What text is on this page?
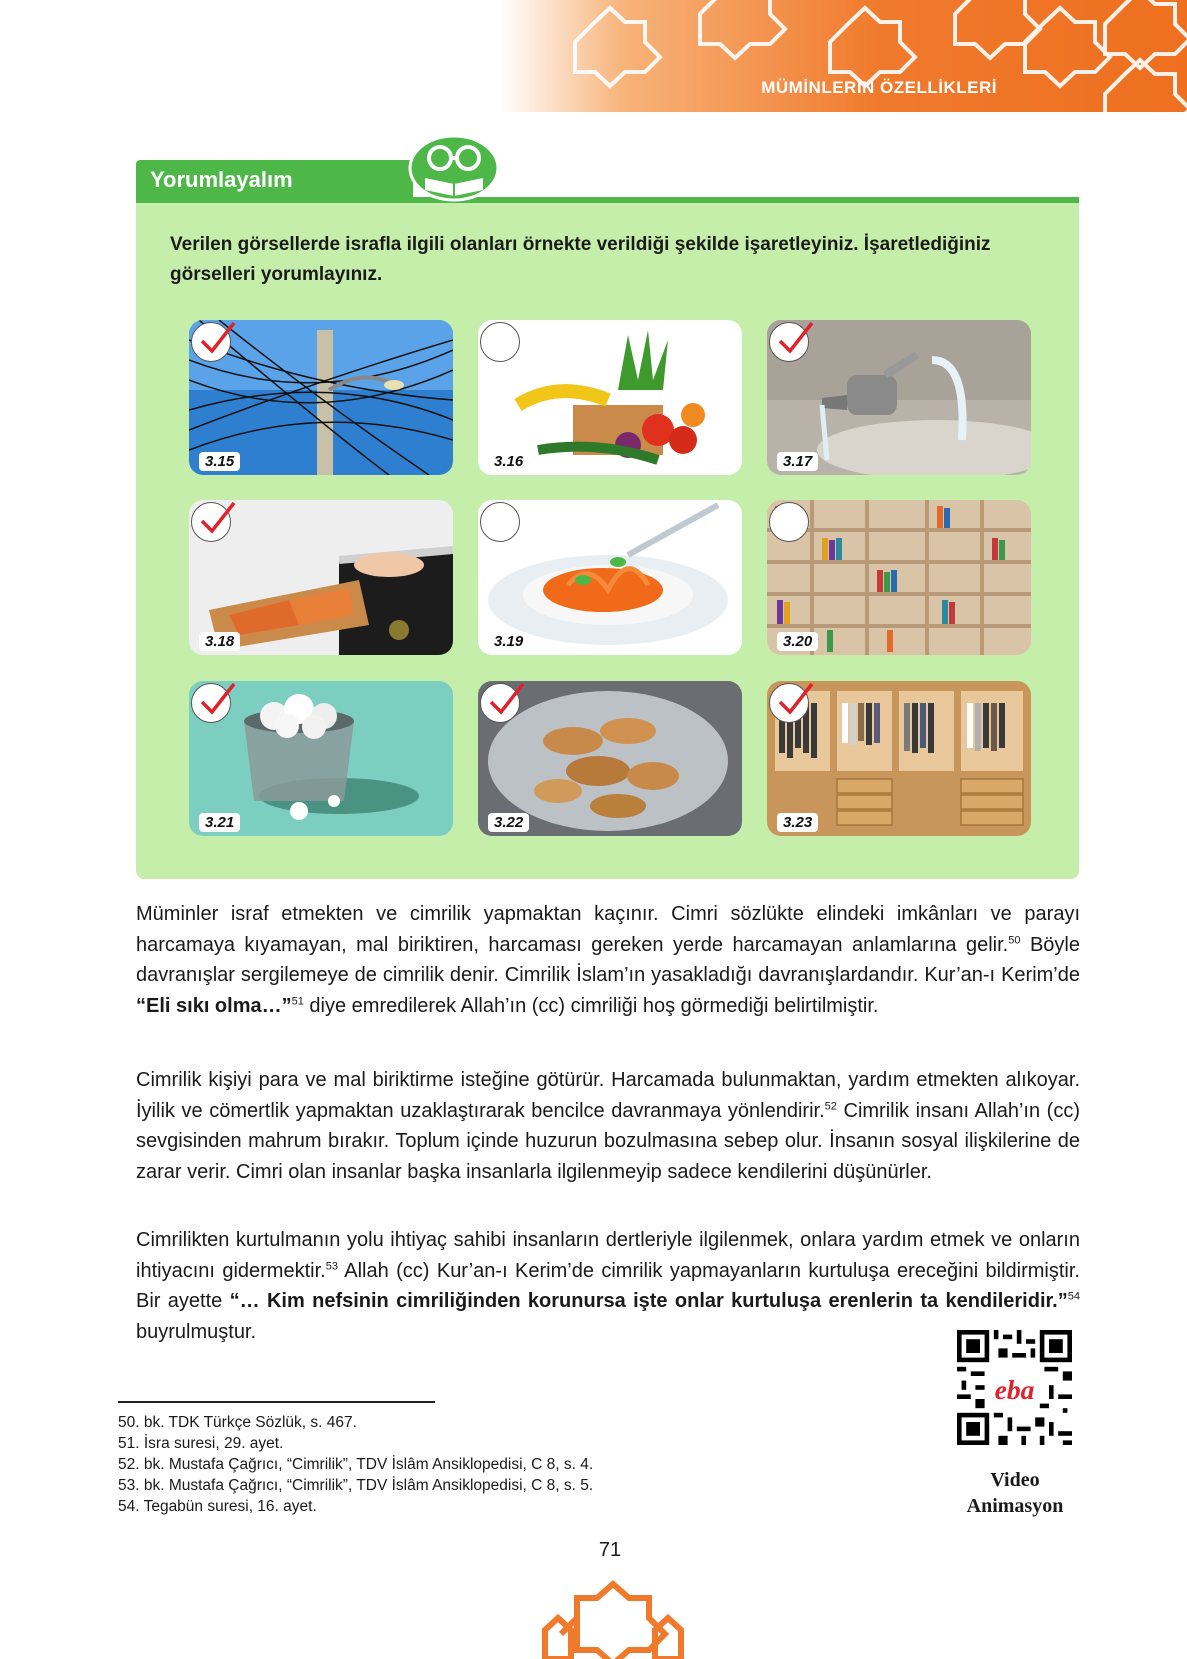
MÜMİNLERİN ÖZELLİKLERİ
Yorumlayalım
Verilen görsellerde israfla ilgili olanları örnekte verildiği şekilde işaretleyiniz. İşaretlediğiniz görselleri yorumlayınız.
3.15	3.16	3.17
3.18	3.19	3.20
3.21	3.22	3.23
Müminler israf etmekten ve cimrilik yapmaktan kaçınır. Cimri sözlükte elindeki imkânları ve parayı harcamaya kıyamayan, mal biriktiren, harcaması gereken yerde harcamayan anlamlarına gelir.$^{50}$ Böyle davranışlar sergilemeye de cimrilik denir. Cimrilik İslam’ın yasakladığı davranışlardandır. Kur’an-ı Kerim’de “Eli sıkı olma…”$^{51}$ diye emredilerek Allah’ın (cc) cimriliği hoş görmediği belirtilmiştir.
Cimrilik kişiyi para ve mal biriktirme isteğine götürür. Harcamada bulunmaktan, yardım etmekten alıkoyar. İyilik ve cömertlik yapmaktan uzaklaştırarak bencilce davranmaya yönlendirir.$^{52}$ Cimrilik insanı Allah’ın (cc) sevgisinden mahrum bırakır. Toplum içinde huzurun bozulmasına sebep olur. İnsanın sosyal ilişkilerine de zarar verir. Cimri olan insanlar başka insanlarla ilgilenmeyip sadece kendilerini düşünürler.
Cimrilikten kurtulmanın yolu ihtiyaç sahibi insanların dertleriyle ilgilenmek, onlara yardım etmek ve onların ihtiyacını gidermektir.$^{53}$ Allah (cc) Kur’an-ı Kerim’de cimrilik yapmayanların kurtuluşa ereceğini bildirmiştir. Bir ayette “… Kim nefsinin cimriliğinden korunursa işte onlar kurtuluşa erenlerin ta kendileridir.”$^{54}$ buyrulmuştur.
eba
Video
Animasyon
50. bk. TDK Türkçe Sözlük, s. 467.
51. İsra suresi, 29. ayet.
52. bk. Mustafa Çağrıcı, “Cimrilik”, TDV İslâm Ansiklopedisi, C 8, s. 4.
53. bk. Mustafa Çağrıcı, “Cimrilik”, TDV İslâm Ansiklopedisi, C 8, s. 5.
54. Tegabün suresi, 16. ayet.
71
